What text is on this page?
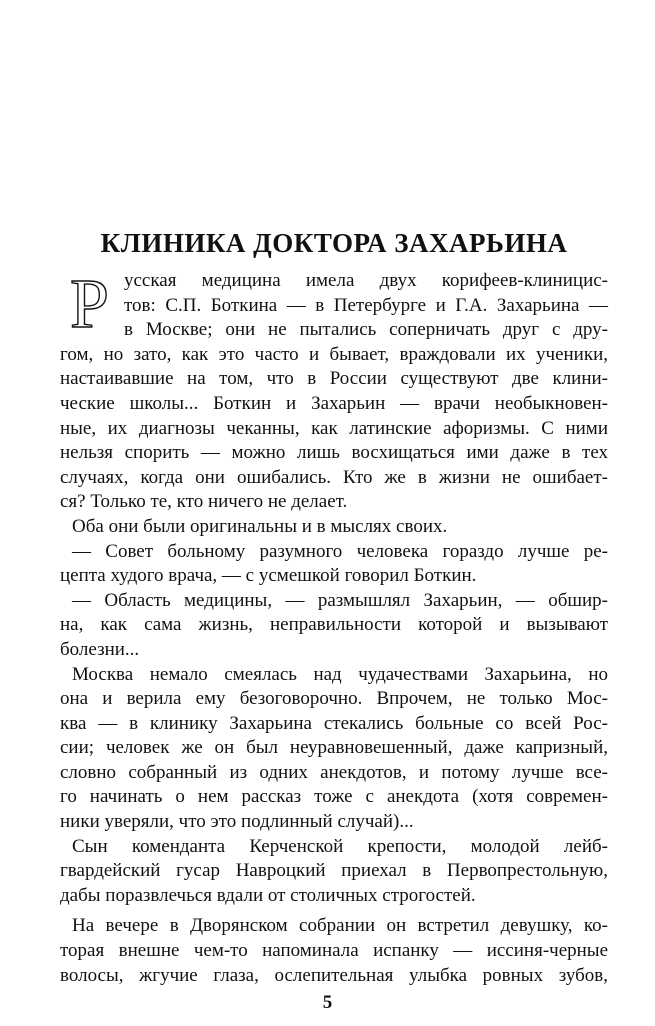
КЛИНИКА ДОКТОРА ЗАХАРЬИНА
Р усская медицина имела двух корифеев-клиницис-
тов: С.П. Боткина — в Петербурге и Г.А. Захарьина —
в Москве; они не пытались соперничать друг с дру-
гом, но зато, как это часто и бывает, враждовали их ученики,
настаивавшие на том, что в России существуют две клини-
ческие школы... Боткин и Захарьин — врачи необыкновен-
ные, их диагнозы чеканны, как латинские афоризмы. С ними
нельзя спорить — можно лишь восхищаться ими даже в тех
случаях, когда они ошибались. Кто же в жизни не ошибает-
ся? Только те, кто ничего не делает.
Оба они были оригинальны и в мыслях своих.
— Совет больному разумного человека гораздо лучше ре-
цепта худого врача, — с усмешкой говорил Боткин.
— Область медицины, — размышлял Захарьин, — обшир-
на, как сама жизнь, неправильности которой и вызывают
болезни...
Москва немало смеялась над чудачествами Захарьина, но
она и верила ему безоговорочно. Впрочем, не только Мос-
ква — в клинику Захарьина стекались больные со всей Рос-
сии; человек же он был неуравновешенный, даже капризный,
словно собранный из одних анекдотов, и потому лучше все-
го начинать о нем рассказ тоже с анекдота (хотя современ-
ники уверяли, что это подлинный случай)...
Сын коменданта Керченской крепости, молодой лейб-
гвардейский гусар Навроцкий приехал в Первопрестольную,
дабы поразвлечься вдали от столичных строгостей.
На вечере в Дворянском собрании он встретил девушку, ко-
торая внешне чем-то напоминала испанку — иссиня-черные
волосы, жгучие глаза, ослепительная улыбка ровных зубов,
5
